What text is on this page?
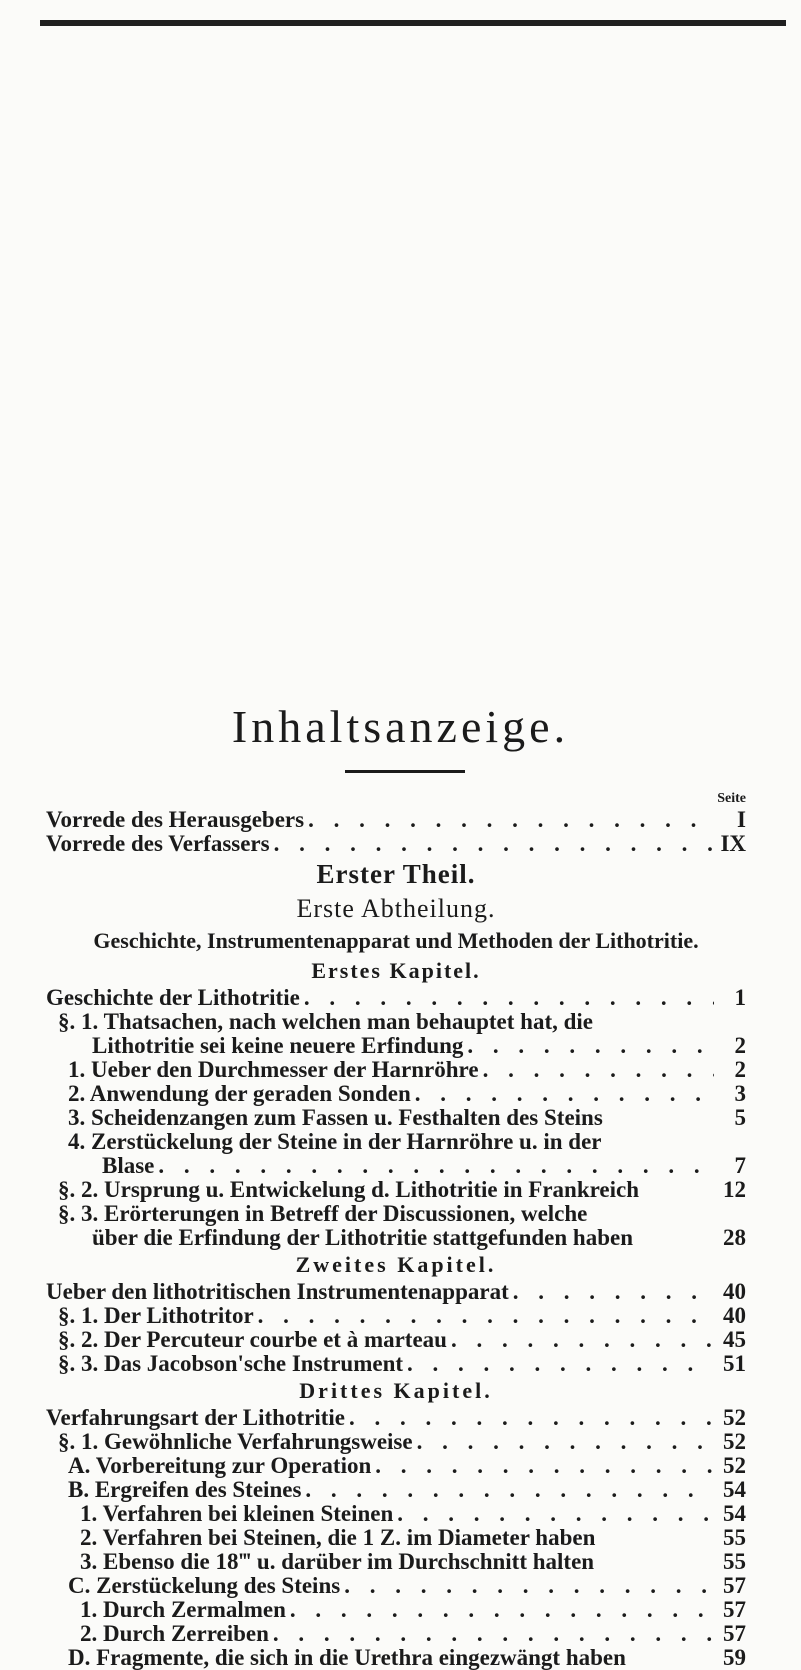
Inhaltsanzeige.
Seite
Vorrede des Herausgebers . . .	I
Vorrede des Verfassers . . .	IX
Erster Theil.
Erste Abtheilung.
Geschichte, Instrumentenapparat und Methoden der Lithotritie.
Erstes Kapitel.
Geschichte der Lithotritie . . .	1
§. 1. Thatsachen, nach welchen man behauptet hat, die
Lithotritie sei keine neuere Erfindung . . .	2
1. Ueber den Durchmesser der Harnröhre . . .	2
2. Anwendung der geraden Sonden . . .	3
3. Scheidenzangen zum Fassen u. Festhalten des Steins	5
4. Zerstückelung der Steine in der Harnröhre u. in der
Blase . . .	7
§. 2. Ursprung u. Entwickelung d. Lithotritie in Frankreich	12
§. 3. Erörterungen in Betreff der Discussionen, welche
über die Erfindung der Lithotritie stattgefunden haben	28
Zweites Kapitel.
Ueber den lithotritischen Instrumentenapparat . . .	40
§. 1. Der Lithotritor . . .	40
§. 2. Der Percuteur courbe et à marteau . . .	45
§. 3. Das Jacobson'sche Instrument . . .	51
Drittes Kapitel.
Verfahrungsart der Lithotritie . . .	52
§. 1. Gewöhnliche Verfahrungsweise . . .	52
A. Vorbereitung zur Operation . . .	52
B. Ergreifen des Steines . . .	54
1. Verfahren bei kleinen Steinen . . .	54
2. Verfahren bei Steinen, die 1 Z. im Diameter haben	55
3. Ebenso die 18‴ u. darüber im Durchschnitt halten	55
C. Zerstückelung des Steins . . .	57
1. Durch Zermalmen . . .	57
2. Durch Zerreiben . . .	57
D. Fragmente, die sich in die Urethra eingezwängt haben	59
